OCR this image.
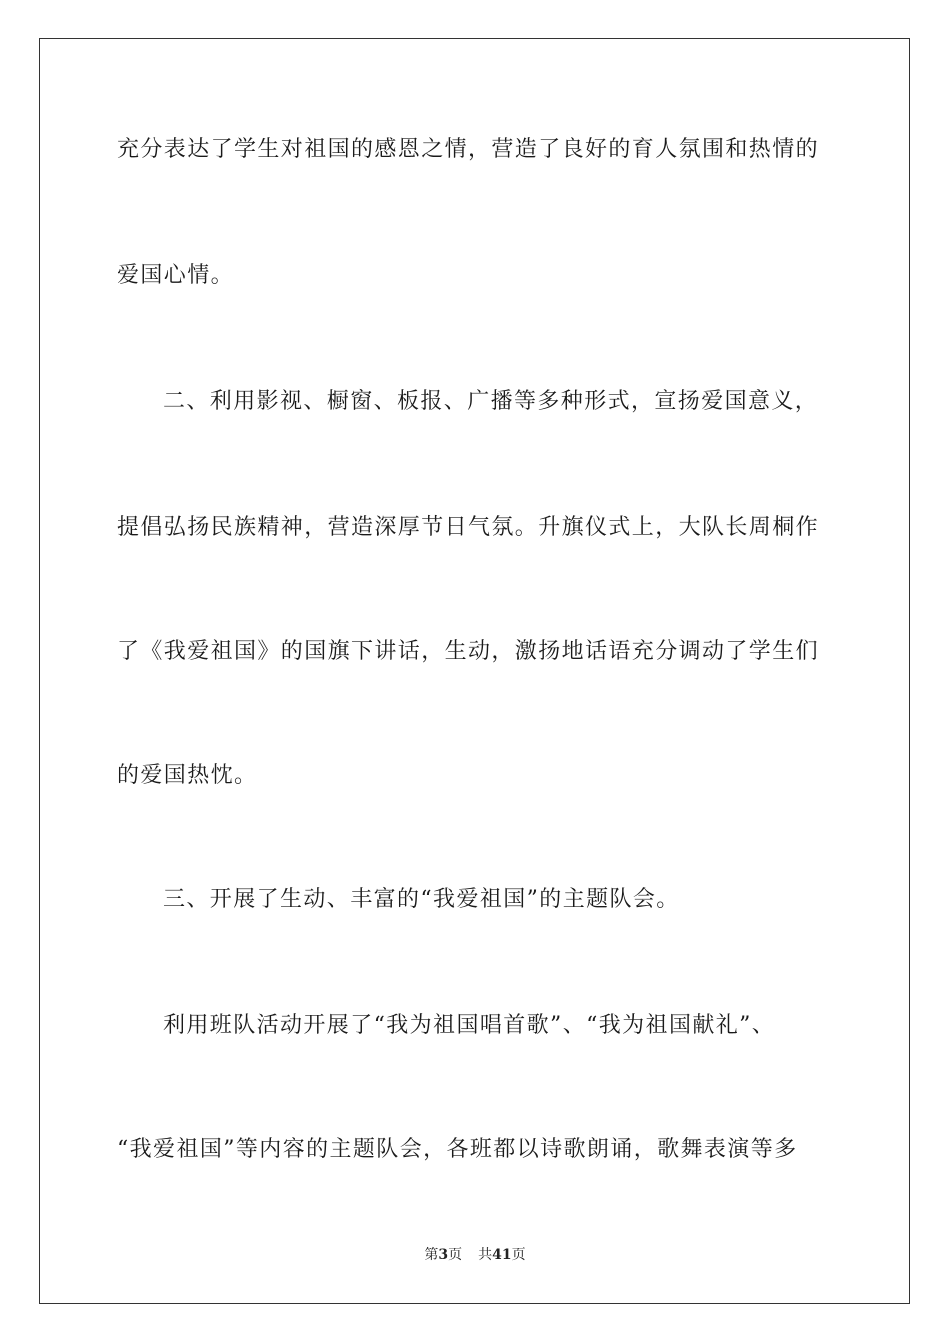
充分表达了学生对祖国的感恩之情，营造了良好的育人氛围和热情的
爱国心情。
二、利用影视、橱窗、板报、广播等多种形式，宣扬爱国意义，
提倡弘扬民族精神，营造深厚节日气氛。升旗仪式上，大队长周桐作
了《我爱祖国》的国旗下讲话，生动，激扬地话语充分调动了学生们
的爱国热忱。
三、开展了生动、丰富的“我爱祖国”的主题队会。
利用班队活动开展了“我为祖国唱首歌”、“我为祖国献礼”、
“我爱祖国”等内容的主题队会，各班都以诗歌朗诵，歌舞表演等多
第3页 共41页
